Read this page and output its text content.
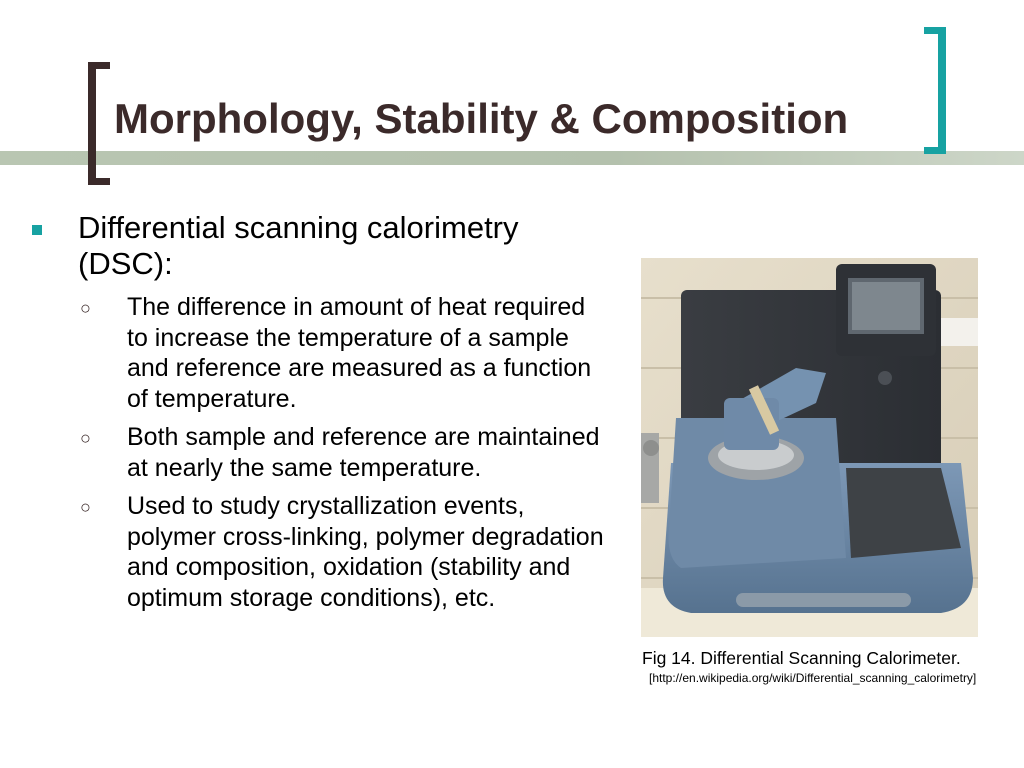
Morphology, Stability & Composition

Differential scanning calorimetry (DSC):

○ The difference in amount of heat required to increase the temperature of a sample and reference are measured as a function of temperature.

○ Both sample and reference are maintained at nearly the same temperature.

○ Used to study crystallization events, polymer cross-linking, polymer degradation and composition, oxidation (stability and optimum storage conditions), etc.

Fig 14. Differential Scanning Calorimeter.
[http://en.wikipedia.org/wiki/Differential_scanning_calorimetry]
